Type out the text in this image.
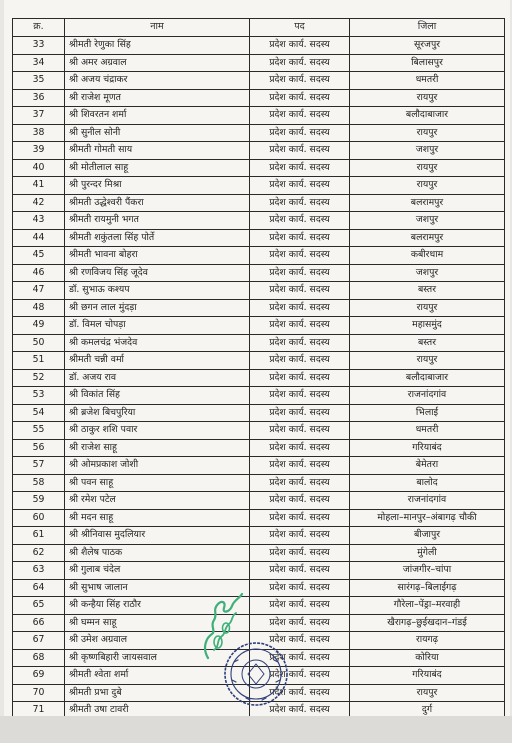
क्र.	नाम	पद	जिला
33	श्रीमती रेणुका सिंह	प्रदेश कार्य. सदस्य	सूरजपुर
34	श्री अमर अग्रवाल	प्रदेश कार्य. सदस्य	बिलासपुर
35	श्री अजय चंद्राकर	प्रदेश कार्य. सदस्य	धमतरी
36	श्री राजेश मूणत	प्रदेश कार्य. सदस्य	रायपुर
37	श्री शिवरतन शर्मा	प्रदेश कार्य. सदस्य	बलौदाबाजार
38	श्री सुनील सोनी	प्रदेश कार्य. सदस्य	रायपुर
39	श्रीमती गोमती साय	प्रदेश कार्य. सदस्य	जशपुर
40	श्री मोतीलाल साहू	प्रदेश कार्य. सदस्य	रायपुर
41	श्री पुरन्दर मिश्रा	प्रदेश कार्य. सदस्य	रायपुर
42	श्रीमती उद्धेश्वरी पैंकरा	प्रदेश कार्य. सदस्य	बलरामपुर
43	श्रीमती रायमुनी भगत	प्रदेश कार्य. सदस्य	जशपुर
44	श्रीमती शकुंतला सिंह पोर्ते	प्रदेश कार्य. सदस्य	बलरामपुर
45	श्रीमती भावना बोहरा	प्रदेश कार्य. सदस्य	कबीरधाम
46	श्री रणविजय सिंह जूदेव	प्रदेश कार्य. सदस्य	जशपुर
47	डॉ. सुभाऊ कश्यप	प्रदेश कार्य. सदस्य	बस्तर
48	श्री छगन लाल मुंदड़ा	प्रदेश कार्य. सदस्य	रायपुर
49	डॉ. विमल चोपड़ा	प्रदेश कार्य. सदस्य	महासमुंद
50	श्री कमलचंद्र भंजदेव	प्रदेश कार्य. सदस्य	बस्तर
51	श्रीमती चन्नी वर्मा	प्रदेश कार्य. सदस्य	रायपुर
52	डॉ. अजय राव	प्रदेश कार्य. सदस्य	बलौदाबाजार
53	श्री विकांत सिंह	प्रदेश कार्य. सदस्य	राजनांदगांव
54	श्री ब्रजेश बिचपुरिया	प्रदेश कार्य. सदस्य	भिलाई
55	श्री ठाकुर शशि पवार	प्रदेश कार्य. सदस्य	धमतरी
56	श्री राजेश साहू	प्रदेश कार्य. सदस्य	गरियाबंद
57	श्री ओमप्रकाश जोशी	प्रदेश कार्य. सदस्य	बेमेतरा
58	श्री पवन साहू	प्रदेश कार्य. सदस्य	बालोद
59	श्री रमेश पटेल	प्रदेश कार्य. सदस्य	राजनांदगांव
60	श्री मदन साहू	प्रदेश कार्य. सदस्य	मोहला–मानपुर–अंबागढ़ चौकी
61	श्री श्रीनिवास मुदलियार	प्रदेश कार्य. सदस्य	बीजापुर
62	श्री शैलेष पाठक	प्रदेश कार्य. सदस्य	मुंगेली
63	श्री गुलाब चंदेल	प्रदेश कार्य. सदस्य	जांजगीर–चांपा
64	श्री सुभाष जालान	प्रदेश कार्य. सदस्य	सारंगढ़–बिलाईगढ़
65	श्री कन्हैया सिंह राठौर	प्रदेश कार्य. सदस्य	गौरेला–पेंड्रा–मरवाही
66	श्री घम्मन साहू	प्रदेश कार्य. सदस्य	खैरागढ़–छुईखदान–गंडई
67	श्री उमेश अग्रवाल	प्रदेश कार्य. सदस्य	रायगढ़
68	श्री कृष्णबिहारी जायसवाल	प्रदेश कार्य. सदस्य	कोरिया
69	श्रीमती श्वेता शर्मा	प्रदेश कार्य. सदस्य	गरियाबंद
70	श्रीमती प्रभा दुबे	प्रदेश कार्य. सदस्य	रायपुर
71	श्रीमती उषा टावरी	प्रदेश कार्य. सदस्य	दुर्ग
